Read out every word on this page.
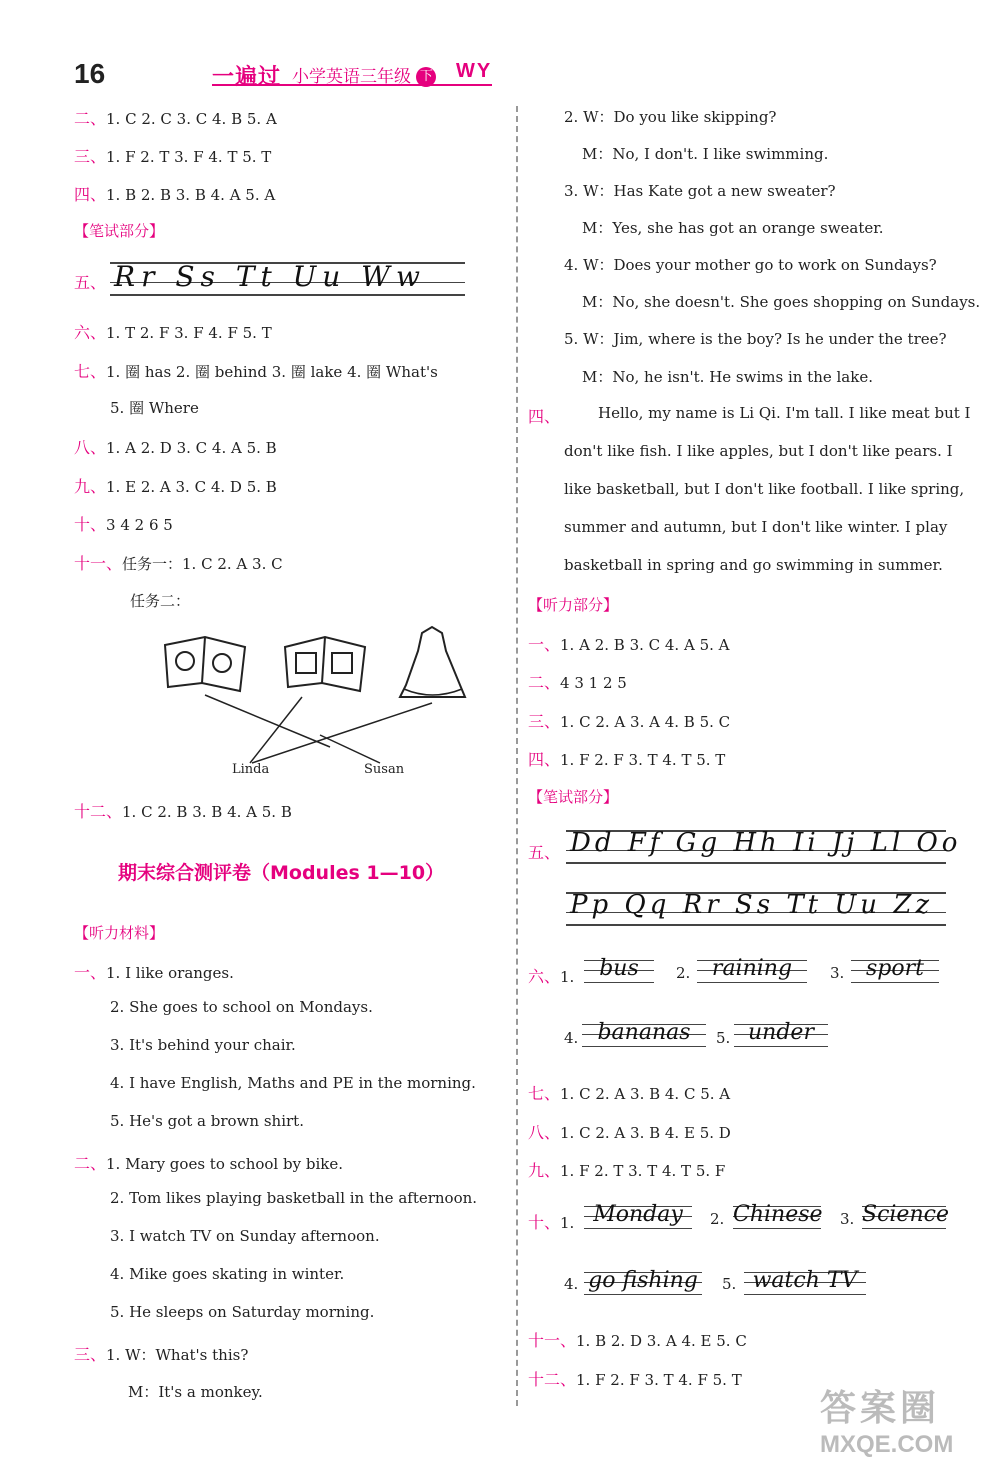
16	一遍过 小学英语三年级 下 WY
二、1. C 2. C 3. C 4. B 5. A
三、1. F 2. T 3. F 4. T 5. T
四、1. B 2. B 3. B 4. A 5. A
【笔试部分】
五、 Rr Ss Tt Uu Ww
六、1. T 2. F 3. F 4. F 5. T
七、1. 圈 has 2. 圈 behind 3. 圈 lake 4. 圈 What's
5. 圈 Where
八、1. A 2. D 3. C 4. A 5. B
九、1. E 2. A 3. C 4. D 5. B
十、3 4 2 6 5
十一、任务一：1. C 2. A 3. C
任务二：
Linda	Susan
十二、1. C 2. B 3. B 4. A 5. B
期末综合测评卷（Modules 1—10）
【听力材料】
一、1. I like oranges.
2. She goes to school on Mondays.
3. It's behind your chair.
4. I have English, Maths and PE in the morning.
5. He's got a brown shirt.
二、1. Mary goes to school by bike.
2. Tom likes playing basketball in the afternoon.
3. I watch TV on Sunday afternoon.
4. Mike goes skating in winter.
5. He sleeps on Saturday morning.
三、1. W：What's this?
M：It's a monkey.
2. W：Do you like skipping?
M：No, I don't. I like swimming.
3. W：Has Kate got a new sweater?
M：Yes, she has got an orange sweater.
4. W：Does your mother go to work on Sundays?
M：No, she doesn't. She goes shopping on Sundays.
5. W：Jim, where is the boy? Is he under the tree?
M：No, he isn't. He swims in the lake.
四、	Hello, my name is Li Qi. I'm tall. I like meat but I
don't like fish. I like apples, but I don't like pears. I
like basketball, but I don't like football. I like spring,
summer and autumn, but I don't like winter. I play
basketball in spring and go swimming in summer.
【听力部分】
一、1. A 2. B 3. C 4. A 5. A
二、4 3 1 2 5
三、1. C 2. A 3. A 4. B 5. C
四、1. F 2. F 3. T 4. T 5. T
【笔试部分】
五、 Dd Ff Gg Hh Ii Jj Ll Oo
Pp Qq Rr Ss Tt Uu Zz
六、1.	bus	2. raining	3. sport
4. bananas	5. under
七、1. C 2. A 3. B 4. C 5. A
八、1. C 2. A 3. B 4. E 5. D
九、1. F 2. T 3. T 4. T 5. F
十、1. Monday	2. Chinese 3. Science
4. go fishing 5. watch TV
十一、1. B 2. D 3. A 4. E 5. C
十二、1. F 2. F 3. T 4. F 5. T
答案圈
MXQE.COM
